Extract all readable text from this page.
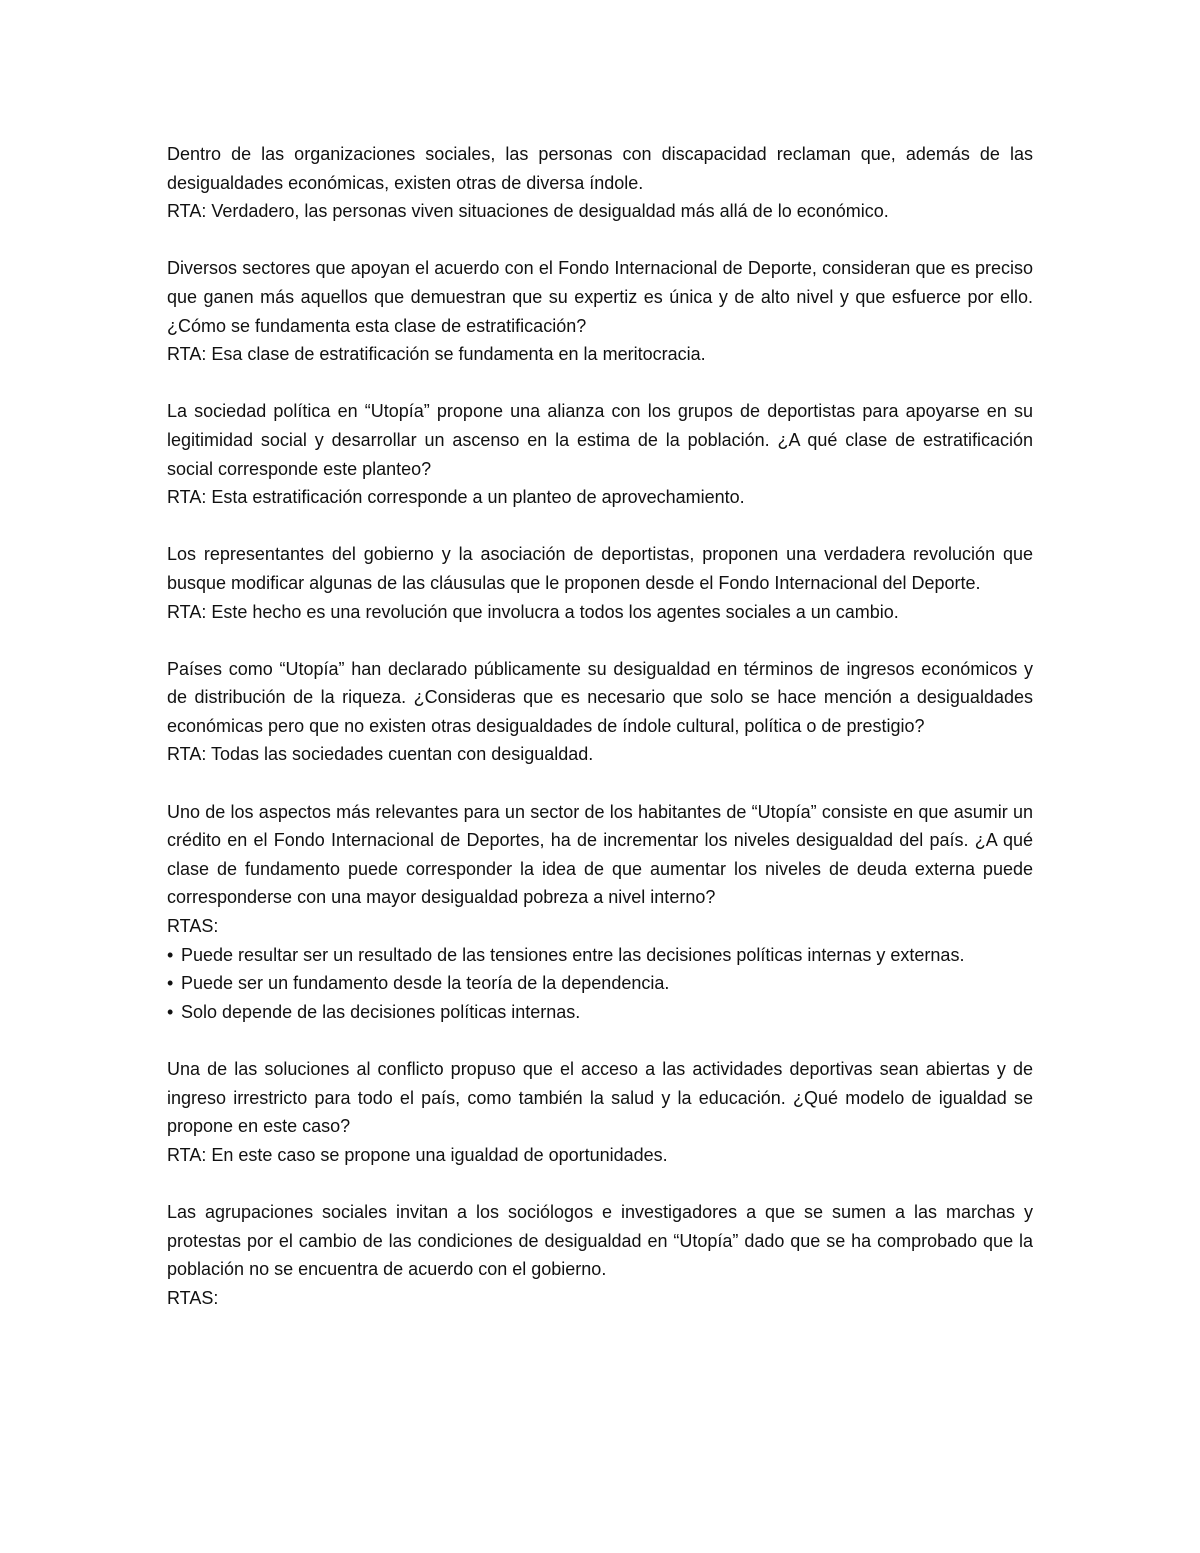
Dentro de las organizaciones sociales, las personas con discapacidad reclaman que, además de las desigualdades económicas, existen otras de diversa índole.

RTA: Verdadero, las personas viven situaciones de desigualdad más allá de lo económico.

Diversos sectores que apoyan el acuerdo con el Fondo Internacional de Deporte, consideran que es preciso que ganen más aquellos que demuestran que su expertiz es única y de alto nivel y que esfuerce por ello. ¿Cómo se fundamenta esta clase de estratificación?

RTA: Esa clase de estratificación se fundamenta en la meritocracia.

La sociedad política en “Utopía” propone una alianza con los grupos de deportistas para apoyarse en su legitimidad social y desarrollar un ascenso en la estima de la población. ¿A qué clase de estratificación social corresponde este planteo?

RTA: Esta estratificación corresponde a un planteo de aprovechamiento.

Los representantes del gobierno y la asociación de deportistas, proponen una verdadera revolución que busque modificar algunas de las cláusulas que le proponen desde el Fondo Internacional del Deporte.

RTA: Este hecho es una revolución que involucra a todos los agentes sociales a un cambio.

Países como “Utopía” han declarado públicamente su desigualdad en términos de ingresos económicos y de distribución de la riqueza. ¿Consideras que es necesario que solo se hace mención a desigualdades económicas pero que no existen otras desigualdades de índole cultural, política o de prestigio?

RTA: Todas las sociedades cuentan con desigualdad.

Uno de los aspectos más relevantes para un sector de los habitantes de “Utopía” consiste en que asumir un crédito en el Fondo Internacional de Deportes, ha de incrementar los niveles desigualdad del país. ¿A qué clase de fundamento puede corresponder la idea de que aumentar los niveles de deuda externa puede corresponderse con una mayor desigualdad pobreza a nivel interno?

RTAS:

• Puede resultar ser un resultado de las tensiones entre las decisiones políticas internas y externas.
• Puede ser un fundamento desde la teoría de la dependencia.
• Solo depende de las decisiones políticas internas.

Una de las soluciones al conflicto propuso que el acceso a las actividades deportivas sean abiertas y de ingreso irrestricto para todo el país, como también la salud y la educación. ¿Qué modelo de igualdad se propone en este caso?

RTA: En este caso se propone una igualdad de oportunidades.

Las agrupaciones sociales invitan a los sociólogos e investigadores a que se sumen a las marchas y protestas por el cambio de las condiciones de desigualdad en “Utopía” dado que se ha comprobado que la población no se encuentra de acuerdo con el gobierno.

RTAS:
